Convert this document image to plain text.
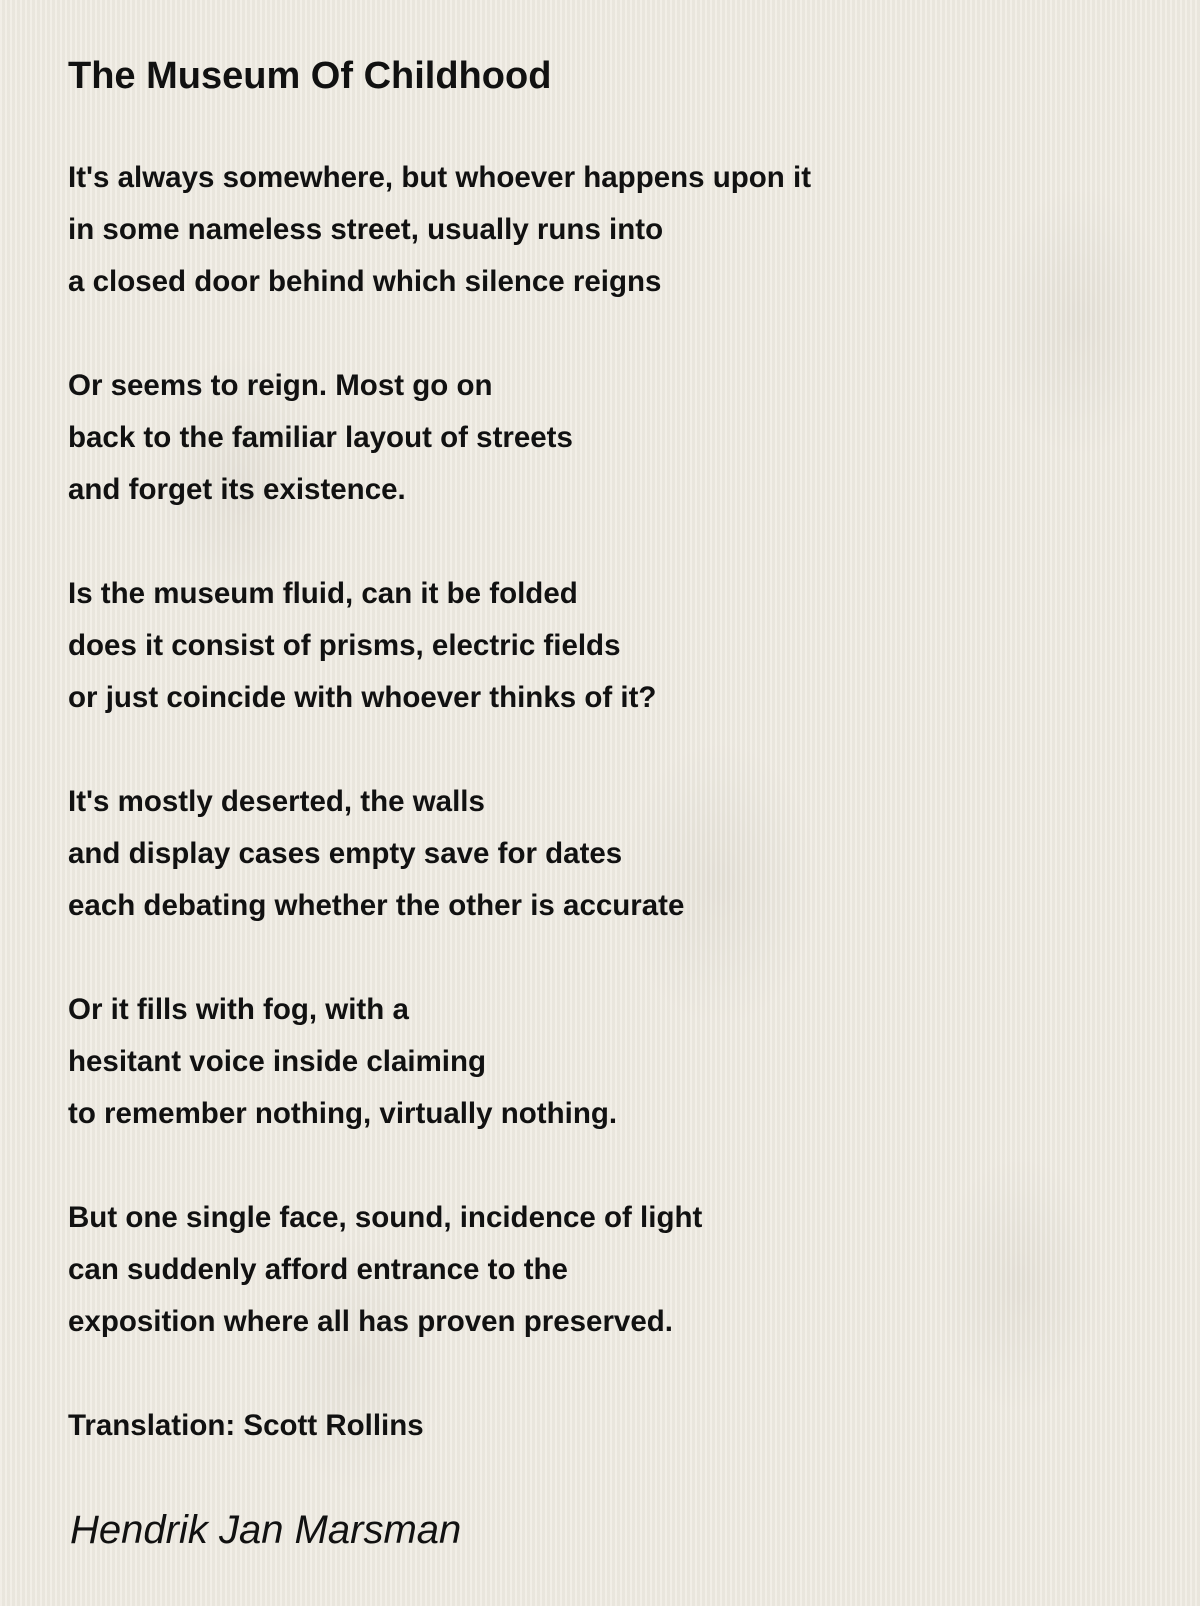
The Museum Of Childhood
It's always somewhere, but whoever happens upon it
in some nameless street, usually runs into
a closed door behind which silence reigns
Or seems to reign. Most go on
back to the familiar layout of streets
and forget its existence.
Is the museum fluid, can it be folded
does it consist of prisms, electric fields
or just coincide with whoever thinks of it?
It's mostly deserted, the walls
and display cases empty save for dates
each debating whether the other is accurate
Or it fills with fog, with a
hesitant voice inside claiming
to remember nothing, virtually nothing.
But one single face, sound, incidence of light
can suddenly afford entrance to the
exposition where all has proven preserved.
Translation: Scott Rollins

Hendrik Jan Marsman
